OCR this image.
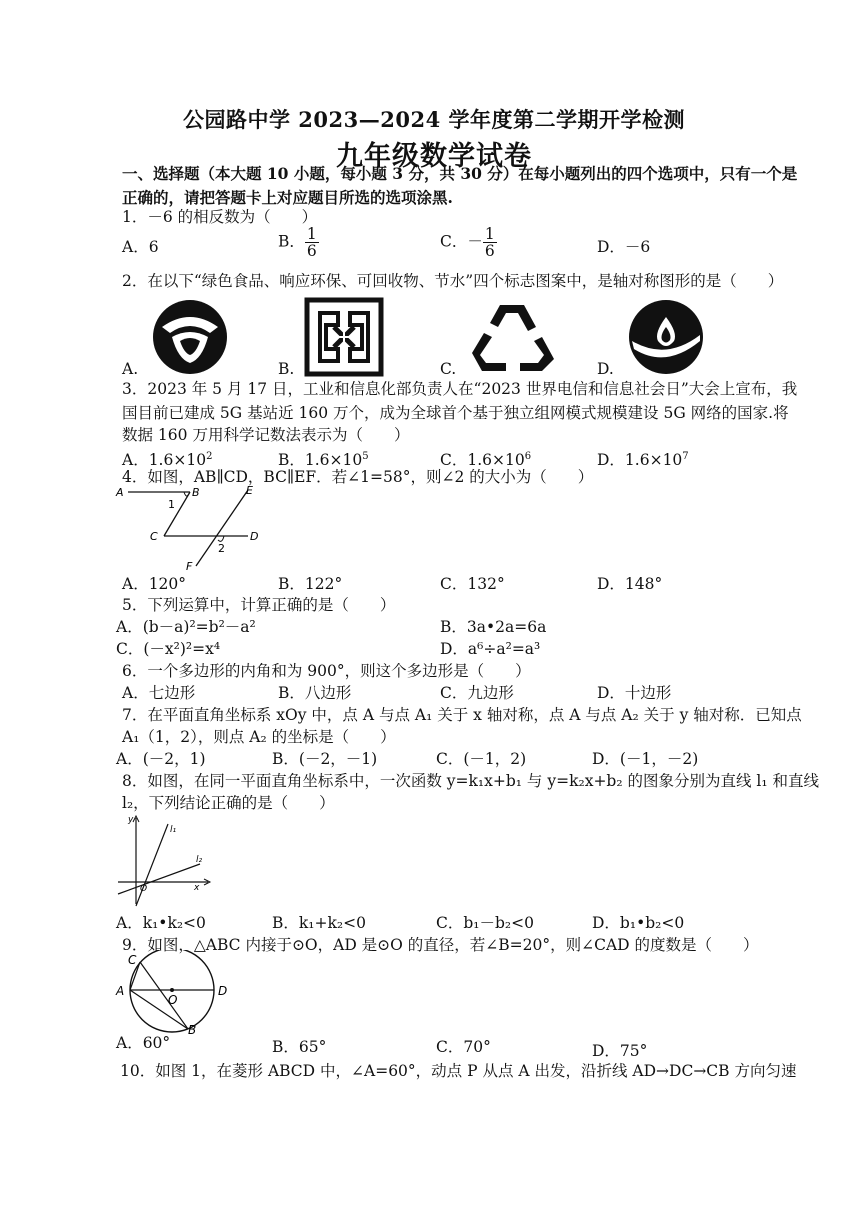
公园路中学 2023—2024 学年度第二学期开学检测
九年级数学试卷
一、选择题（本大题 10 小题，每小题 3 分，共 30 分）在每小题列出的四个选项中，只有一个是
正确的，请把答题卡上对应题目所选的选项涂黑.
1．－6 的相反数为（　　）
A．6	B． $\frac{1}{6}$	C．－ $\frac{1}{6}$	D．－6
2．在以下“绿色食品、响应环保、可回收物、节水”四个标志图案中，是轴对称图形的是（　　）
A.	B.	C.	D.
3．2023 年 5 月 17 日，工业和信息化部负责人在“2023 世界电信和信息社会日”大会上宣布，我
国目前已建成 5G 基站近 160 万个，成为全球首个基于独立组网模式规模建设 5G 网络的国家.将
数据 160 万用科学记数法表示为（　　）
A．$1.6\times 10^2$	B．$1.6\times 10^5$	C．$1.6\times 10^6$	D．$1.6\times 10^7$
4．如图，AB∥CD，BC∥EF．若∠1=58°，则∠2 的大小为（　　）
A	B	E
1
C	D
2
F
A．120°	B．122°	C．132°	D．148°
5．下列运算中，计算正确的是（　　）
A．(b－a)²=b²－a²	B．3a•2a=6a
C．(－x²)²=x⁴	D．a⁶÷a²=a³
6．一个多边形的内角和为 900°，则这个多边形是（　　）
A．七边形	B．八边形	C．九边形	D．十边形
7．在平面直角坐标系 xOy 中，点 A 与点 A₁ 关于 x 轴对称，点 A 与点 A₂ 关于 y 轴对称．已知点
A₁（1，2），则点 A₂ 的坐标是（　　）
A．(－2，1)	B．(－2，－1)	C．(－1，2)	D．(－1，－2)
8．如图，在同一平面直角坐标系中，一次函数 y=k₁x+b₁ 与 y=k₂x+b₂ 的图象分别为直线 l₁ 和直线
l₂，下列结论正确的是（　　）
y
x
O
l₁
l₂
A．k₁•k₂<0	B．k₁+k₂<0	C．b₁－b₂<0	D．b₁•b₂<0
9．如图，△ABC 内接于⊙O，AD 是⊙O 的直径，若∠B=20°，则∠CAD 的度数是（　　）
A
C
D
O
B
A．60°	B．65°	C．70°	D．75°
10．如图 1，在菱形 ABCD 中，∠A=60°，动点 P 从点 A 出发，沿折线 AD→DC→CB 方向匀速
